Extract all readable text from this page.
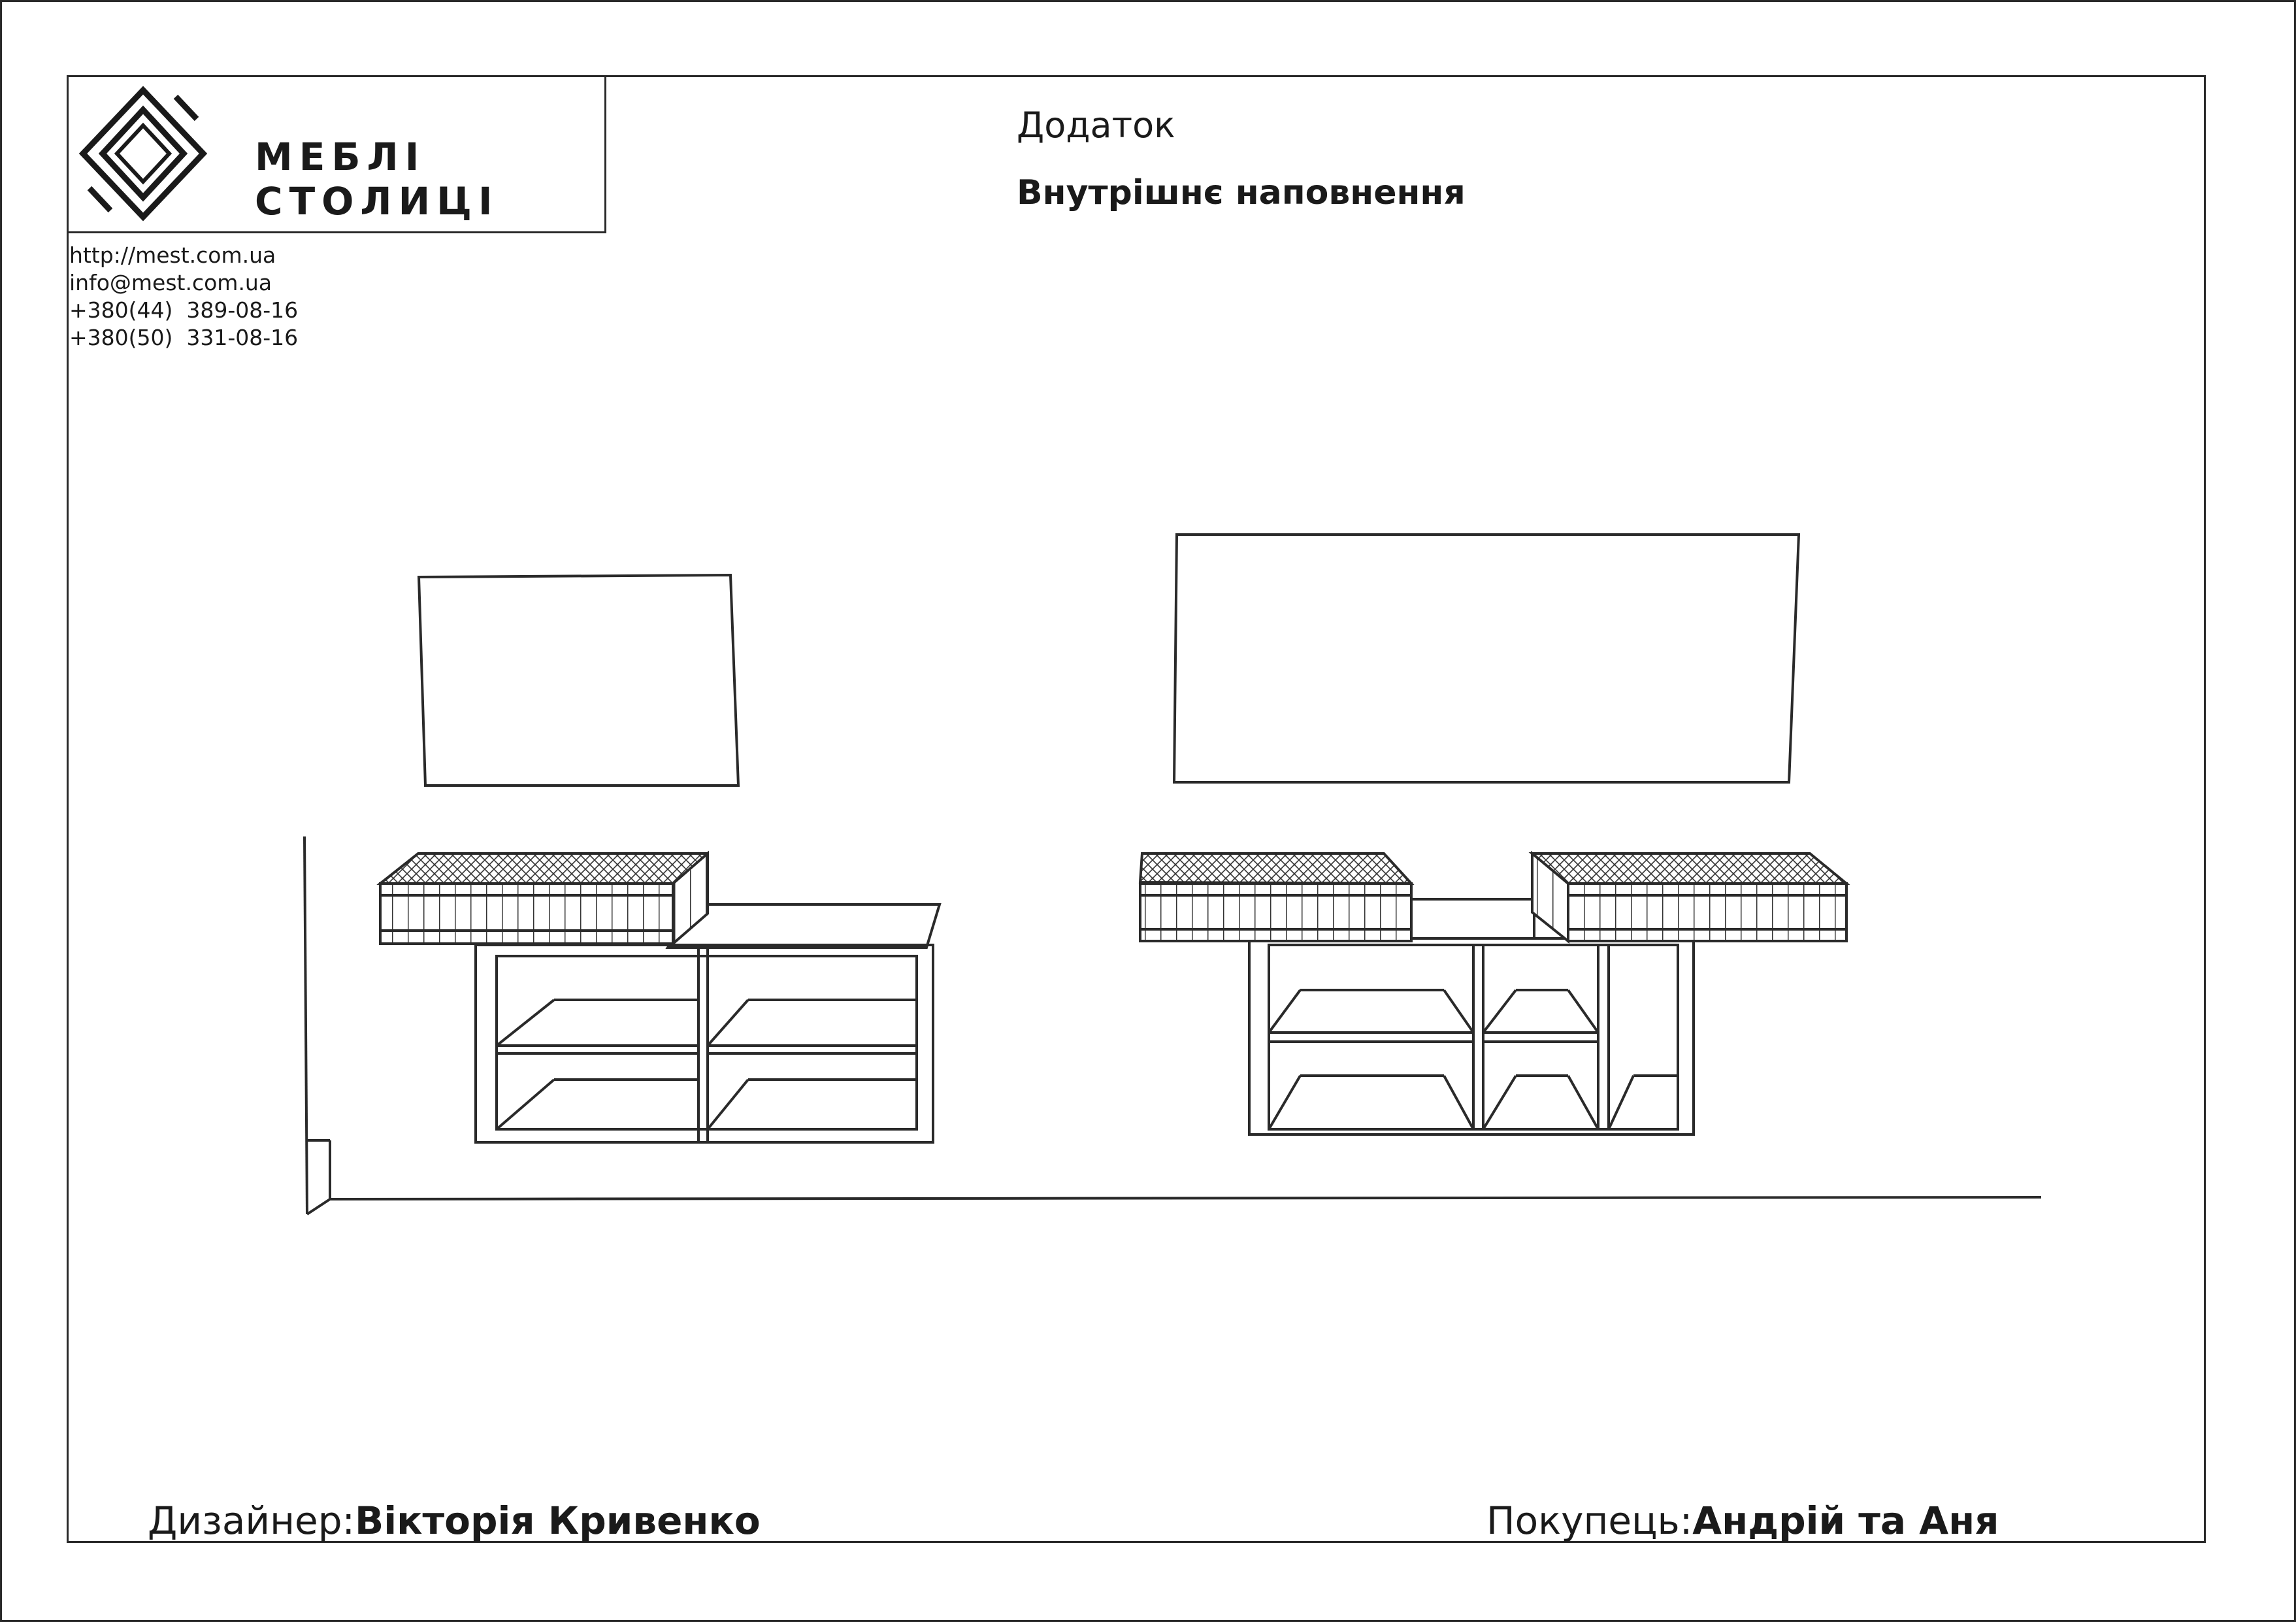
МЕБЛІ СТОЛИЦІ
http://mest.com.ua
info@mest.com.ua
+380(44)  389-08-16
+380(50)  331-08-16
Додаток
Внутрішнє наповнення
Дизайнер:Вікторія Кривенко	Покупець:Андрій та Аня
